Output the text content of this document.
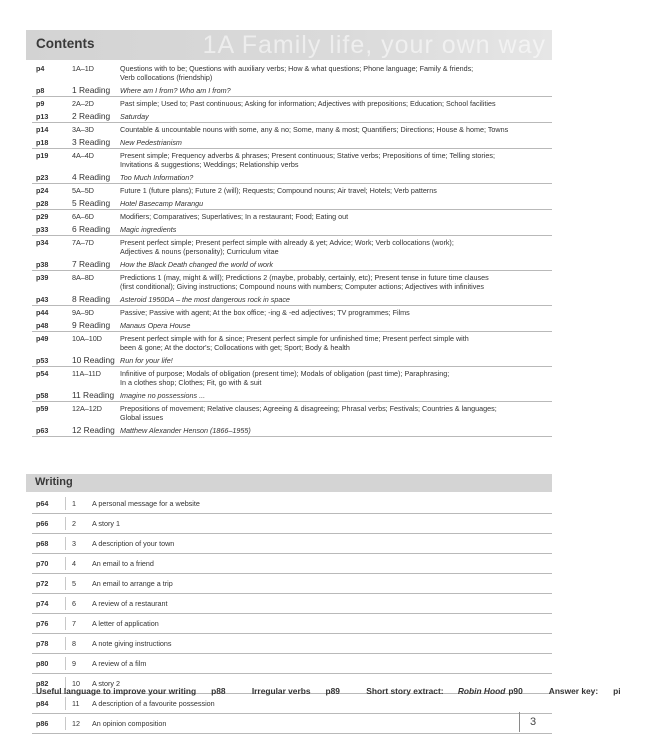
Contents	1A Family life, your own way
p4	1A–1D	Questions with to be; Questions with auxiliary verbs; How & what questions; Phone language; Family & friends;
Verb collocations (friendship)
p8	1 Reading	Where am I from? Who am I from?
p9	2A–2D	Past simple; Used to; Past continuous; Asking for information; Adjectives with prepositions; Education; School facilities
p13	2 Reading	Saturday
p14	3A–3D	Countable & uncountable nouns with some, any & no; Some, many & most; Quantifiers; Directions; House & home; Towns
p18	3 Reading	New Pedestrianism
p19	4A–4D	Present simple; Frequency adverbs & phrases; Present continuous; Stative verbs; Prepositions of time; Telling stories;
Invitations & suggestions; Weddings; Relationship verbs
p23	4 Reading	Too Much Information?
p24	5A–5D	Future 1 (future plans); Future 2 (will); Requests; Compound nouns; Air travel; Hotels; Verb patterns
p28	5 Reading	Hotel Basecamp Marangu
p29	6A–6D	Modifiers; Comparatives; Superlatives; In a restaurant; Food; Eating out
p33	6 Reading	Magic ingredients
p34	7A–7D	Present perfect simple; Present perfect simple with already & yet; Advice; Work; Verb collocations (work);
Adjectives & nouns (personality); Curriculum vitae
p38	7 Reading	How the Black Death changed the world of work
p39	8A–8D	Predictions 1 (may, might & will); Predictions 2 (maybe, probably, certainly, etc); Present tense in future time clauses
(first conditional); Giving instructions; Compound nouns with numbers; Computer actions; Adjectives with infinitives
p43	8 Reading	Asteroid 1950DA – the most dangerous rock in space
p44	9A–9D	Passive; Passive with agent; At the box office; -ing & -ed adjectives; TV programmes; Films
p48	9 Reading	Manaus Opera House
p49	10A–10D	Present perfect simple with for & since; Present perfect simple for unfinished time; Present perfect simple with
been & gone; At the doctor's; Collocations with get; Sport; Body & health
p53	10 Reading Run for your life!
p54	11A–11D	Infinitive of purpose; Modals of obligation (present time); Modals of obligation (past time); Paraphrasing;
In a clothes shop; Clothes; Fit, go with & suit
p58	11 Reading Imagine no possessions ...
p59	12A–12D	Prepositions of movement; Relative clauses; Agreeing & disagreeing; Phrasal verbs; Festivals; Countries & languages;
Global issues
p63	12 Reading Matthew Alexander Henson (1866–1955)
Writing
p64	1 A personal message for a website
p66	2 A story 1
p68	3 A description of your town
p70	4 An email to a friend
p72	5 An email to arrange a trip
p74	6 A review of a restaurant
p76	7 A letter of application
p78	8 A note giving instructions
p80	9 A review of a film
p82	10 A story 2
p84	11 A description of a favourite possession
p86	12 An opinion composition
Useful language to improve your writing p88	Irregular verbs p89	Short story extract: Robin Hood p90	Answer key: pi
3
